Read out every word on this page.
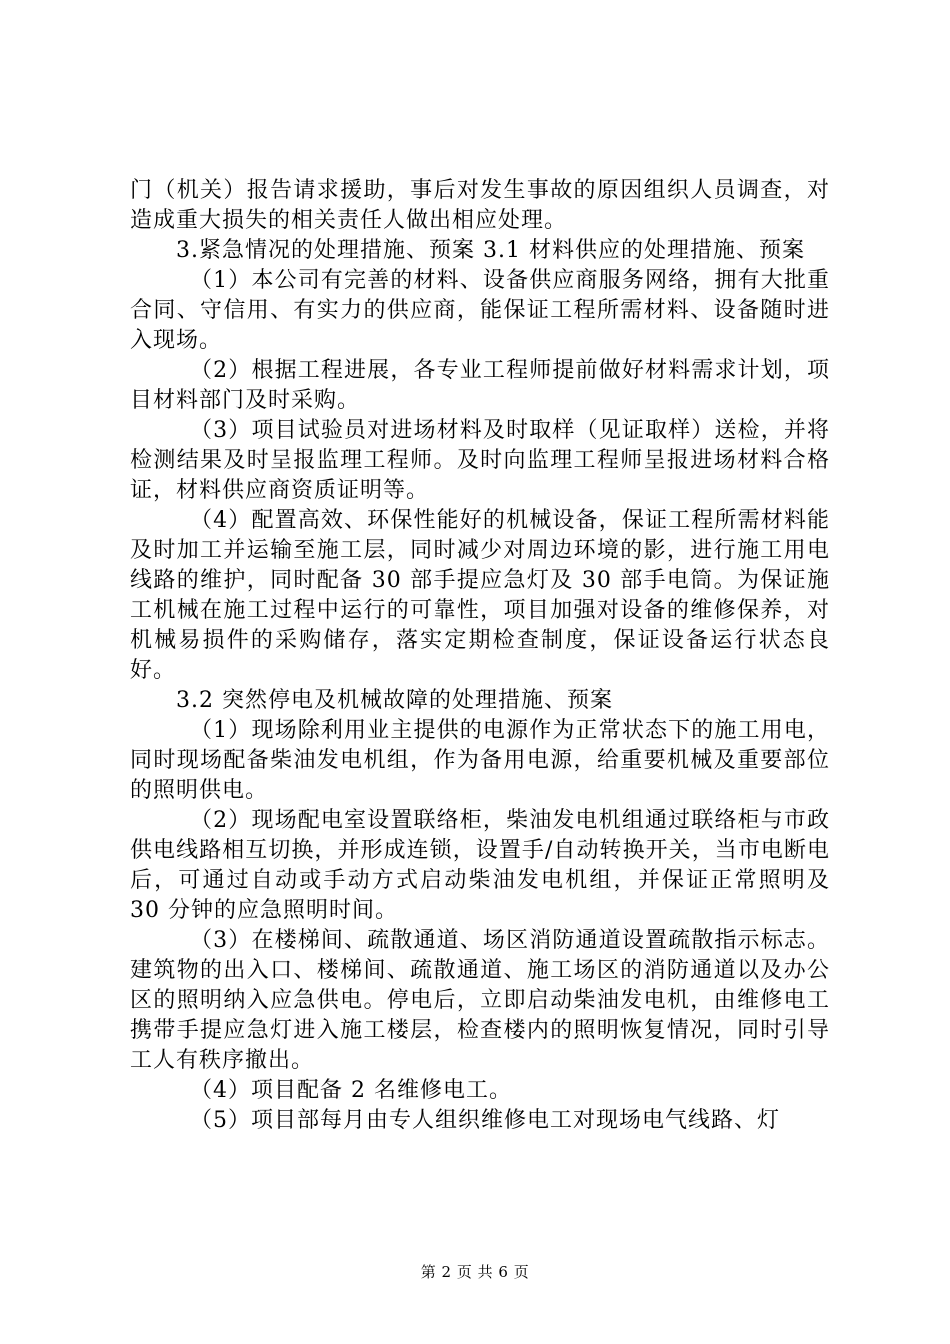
门（机关）报告请求援助，事后对发生事故的原因组织人员调查，对造成重大损失的相关责任人做出相应处理。

3.紧急情况的处理措施、预案 3.1 材料供应的处理措施、预案

（1）本公司有完善的材料、设备供应商服务网络，拥有大批重合同、守信用、有实力的供应商，能保证工程所需材料、设备随时进入现场。

（2）根据工程进展，各专业工程师提前做好材料需求计划，项目材料部门及时采购。

（3）项目试验员对进场材料及时取样（见证取样）送检，并将检测结果及时呈报监理工程师。及时向监理工程师呈报进场材料合格证，材料供应商资质证明等。

（4）配置高效、环保性能好的机械设备，保证工程所需材料能及时加工并运输至施工层，同时减少对周边环境的影，进行施工用电线路的维护，同时配备 30 部手提应急灯及 30 部手电筒。为保证施工机械在施工过程中运行的可靠性，项目加强对设备的维修保养，对机械易损件的采购储存，落实定期检查制度，保证设备运行状态良好。

3.2 突然停电及机械故障的处理措施、预案

（1）现场除利用业主提供的电源作为正常状态下的施工用电，同时现场配备柴油发电机组，作为备用电源，给重要机械及重要部位的照明供电。

（2）现场配电室设置联络柜，柴油发电机组通过联络柜与市政供电线路相互切换，并形成连锁，设置手/自动转换开关，当市电断电后，可通过自动或手动方式启动柴油发电机组，并保证正常照明及 30 分钟的应急照明时间。

（3）在楼梯间、疏散通道、场区消防通道设置疏散指示标志。建筑物的出入口、楼梯间、疏散通道、施工场区的消防通道以及办公区的照明纳入应急供电。停电后，立即启动柴油发电机，由维修电工携带手提应急灯进入施工楼层，检查楼内的照明恢复情况，同时引导工人有秩序撤出。

（4）项目配备 2 名维修电工。

（5）项目部每月由专人组织维修电工对现场电气线路、灯

第 2 页 共 6 页
